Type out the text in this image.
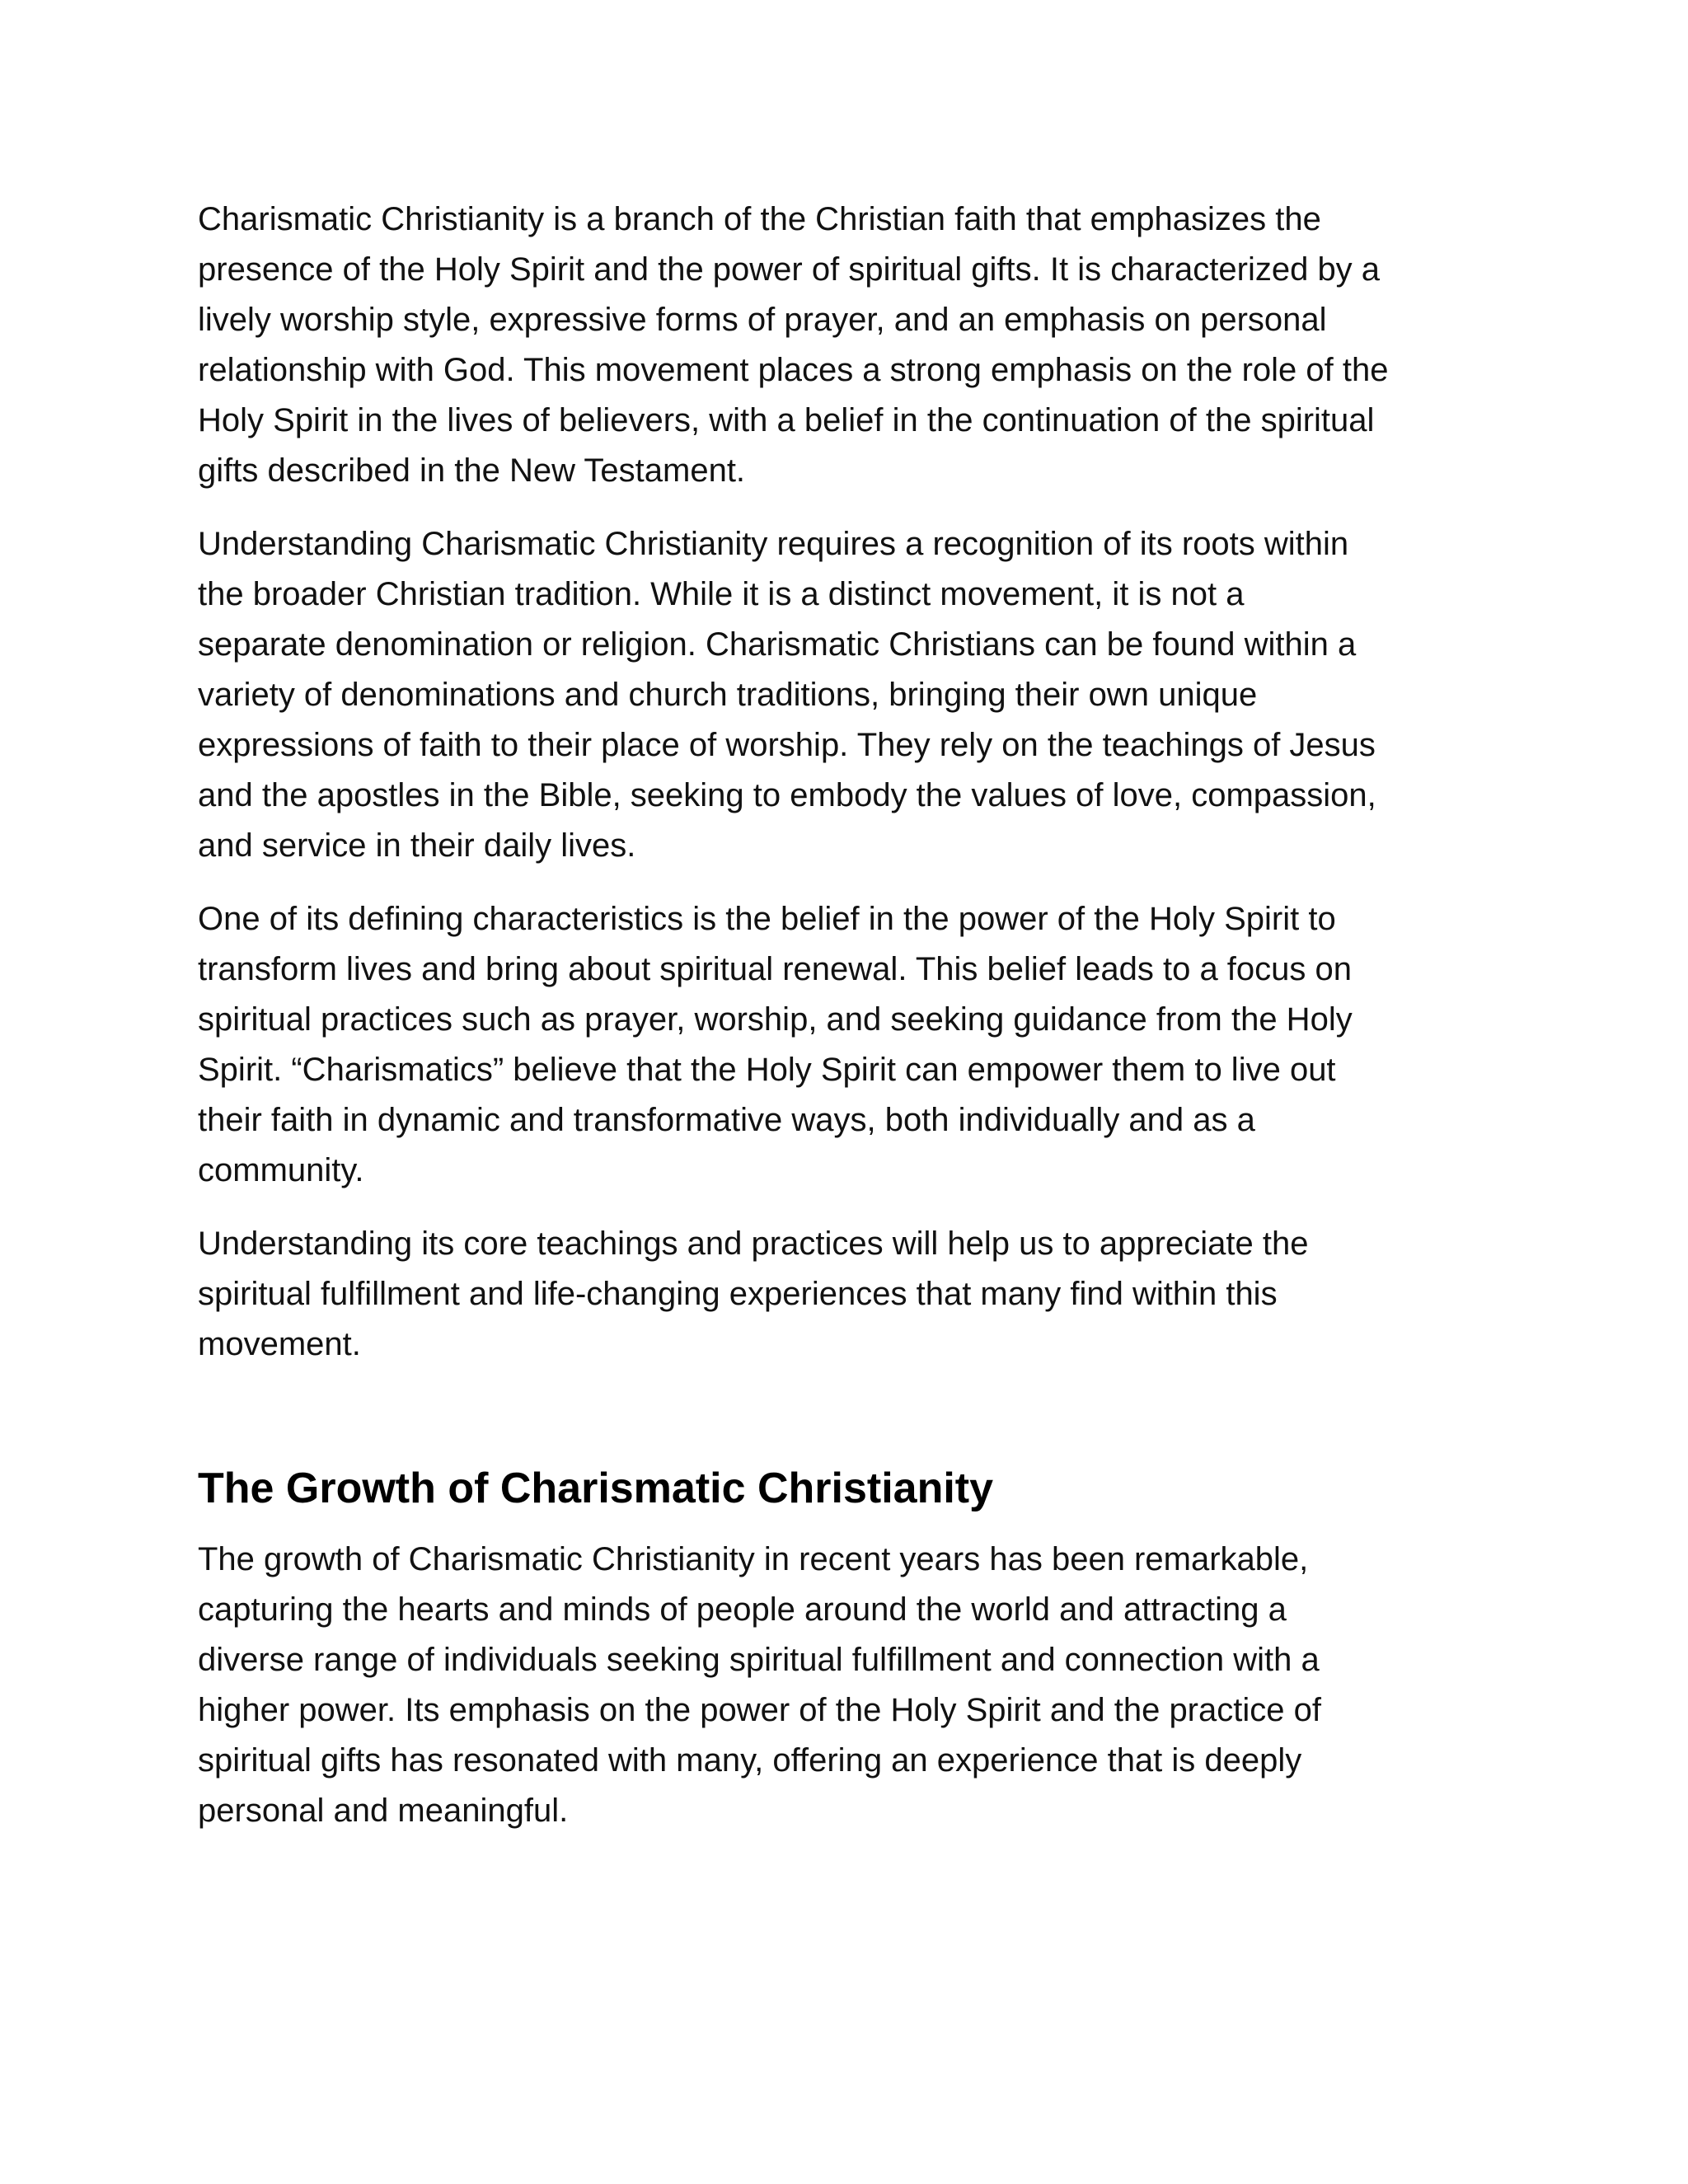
Charismatic Christianity is a branch of the Christian faith that emphasizes the
presence of the Holy Spirit and the power of spiritual gifts. It is characterized by a
lively worship style, expressive forms of prayer, and an emphasis on personal
relationship with God. This movement places a strong emphasis on the role of the
Holy Spirit in the lives of believers, with a belief in the continuation of the spiritual
gifts described in the New Testament.

Understanding Charismatic Christianity requires a recognition of its roots within
the broader Christian tradition. While it is a distinct movement, it is not a
separate denomination or religion. Charismatic Christians can be found within a
variety of denominations and church traditions, bringing their own unique
expressions of faith to their place of worship. They rely on the teachings of Jesus
and the apostles in the Bible, seeking to embody the values of love, compassion,
and service in their daily lives.

One of its defining characteristics is the belief in the power of the Holy Spirit to
transform lives and bring about spiritual renewal. This belief leads to a focus on
spiritual practices such as prayer, worship, and seeking guidance from the Holy
Spirit. “Charismatics” believe that the Holy Spirit can empower them to live out
their faith in dynamic and transformative ways, both individually and as a
community.

Understanding its core teachings and practices will help us to appreciate the
spiritual fulfillment and life-changing experiences that many find within this
movement.

The Growth of Charismatic Christianity

The growth of Charismatic Christianity in recent years has been remarkable,
capturing the hearts and minds of people around the world and attracting a
diverse range of individuals seeking spiritual fulfillment and connection with a
higher power. Its emphasis on the power of the Holy Spirit and the practice of
spiritual gifts has resonated with many, offering an experience that is deeply
personal and meaningful.
